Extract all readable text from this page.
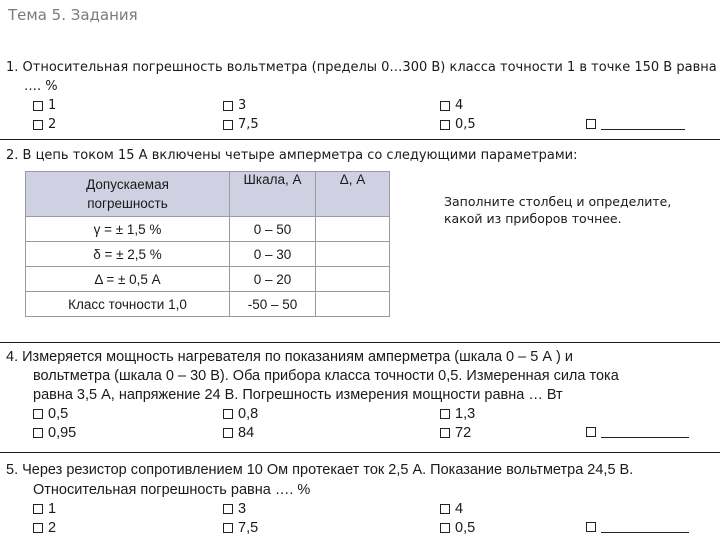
Тема 5. Задания
1. Относительная погрешность вольтметра (пределы 0…300 В) класса точности 1 в точке 150 В равна
…. %
1	3	4
2	7,5	0,5
2. В цепь током 15 А включены четыре амперметра со следующими параметрами:
Допускаемая погрешность	Шкала, А	Δ, А
γ = ± 1,5 %	0 – 50	
δ = ± 2,5 %	0 – 30	
Δ = ± 0,5 А	0 – 20	
Класс точности 1,0	-50 – 50	
Заполните столбец и определите, какой из приборов точнее.
4. Измеряется мощность нагревателя по показаниям амперметра (шкала 0 – 5 А ) и
вольтметра (шкала 0 – 30 В). Оба прибора класса точности 0,5. Измеренная сила тока
равна 3,5 А, напряжение 24 В. Погрешность измерения мощности равна … Вт
0,5	0,8	1,3
0,95	84	72
5. Через резистор сопротивлением 10 Ом протекает ток 2,5 А. Показание вольтметра 24,5 В.
Относительная погрешность равна …. %
1	3	4
2	7,5	0,5
